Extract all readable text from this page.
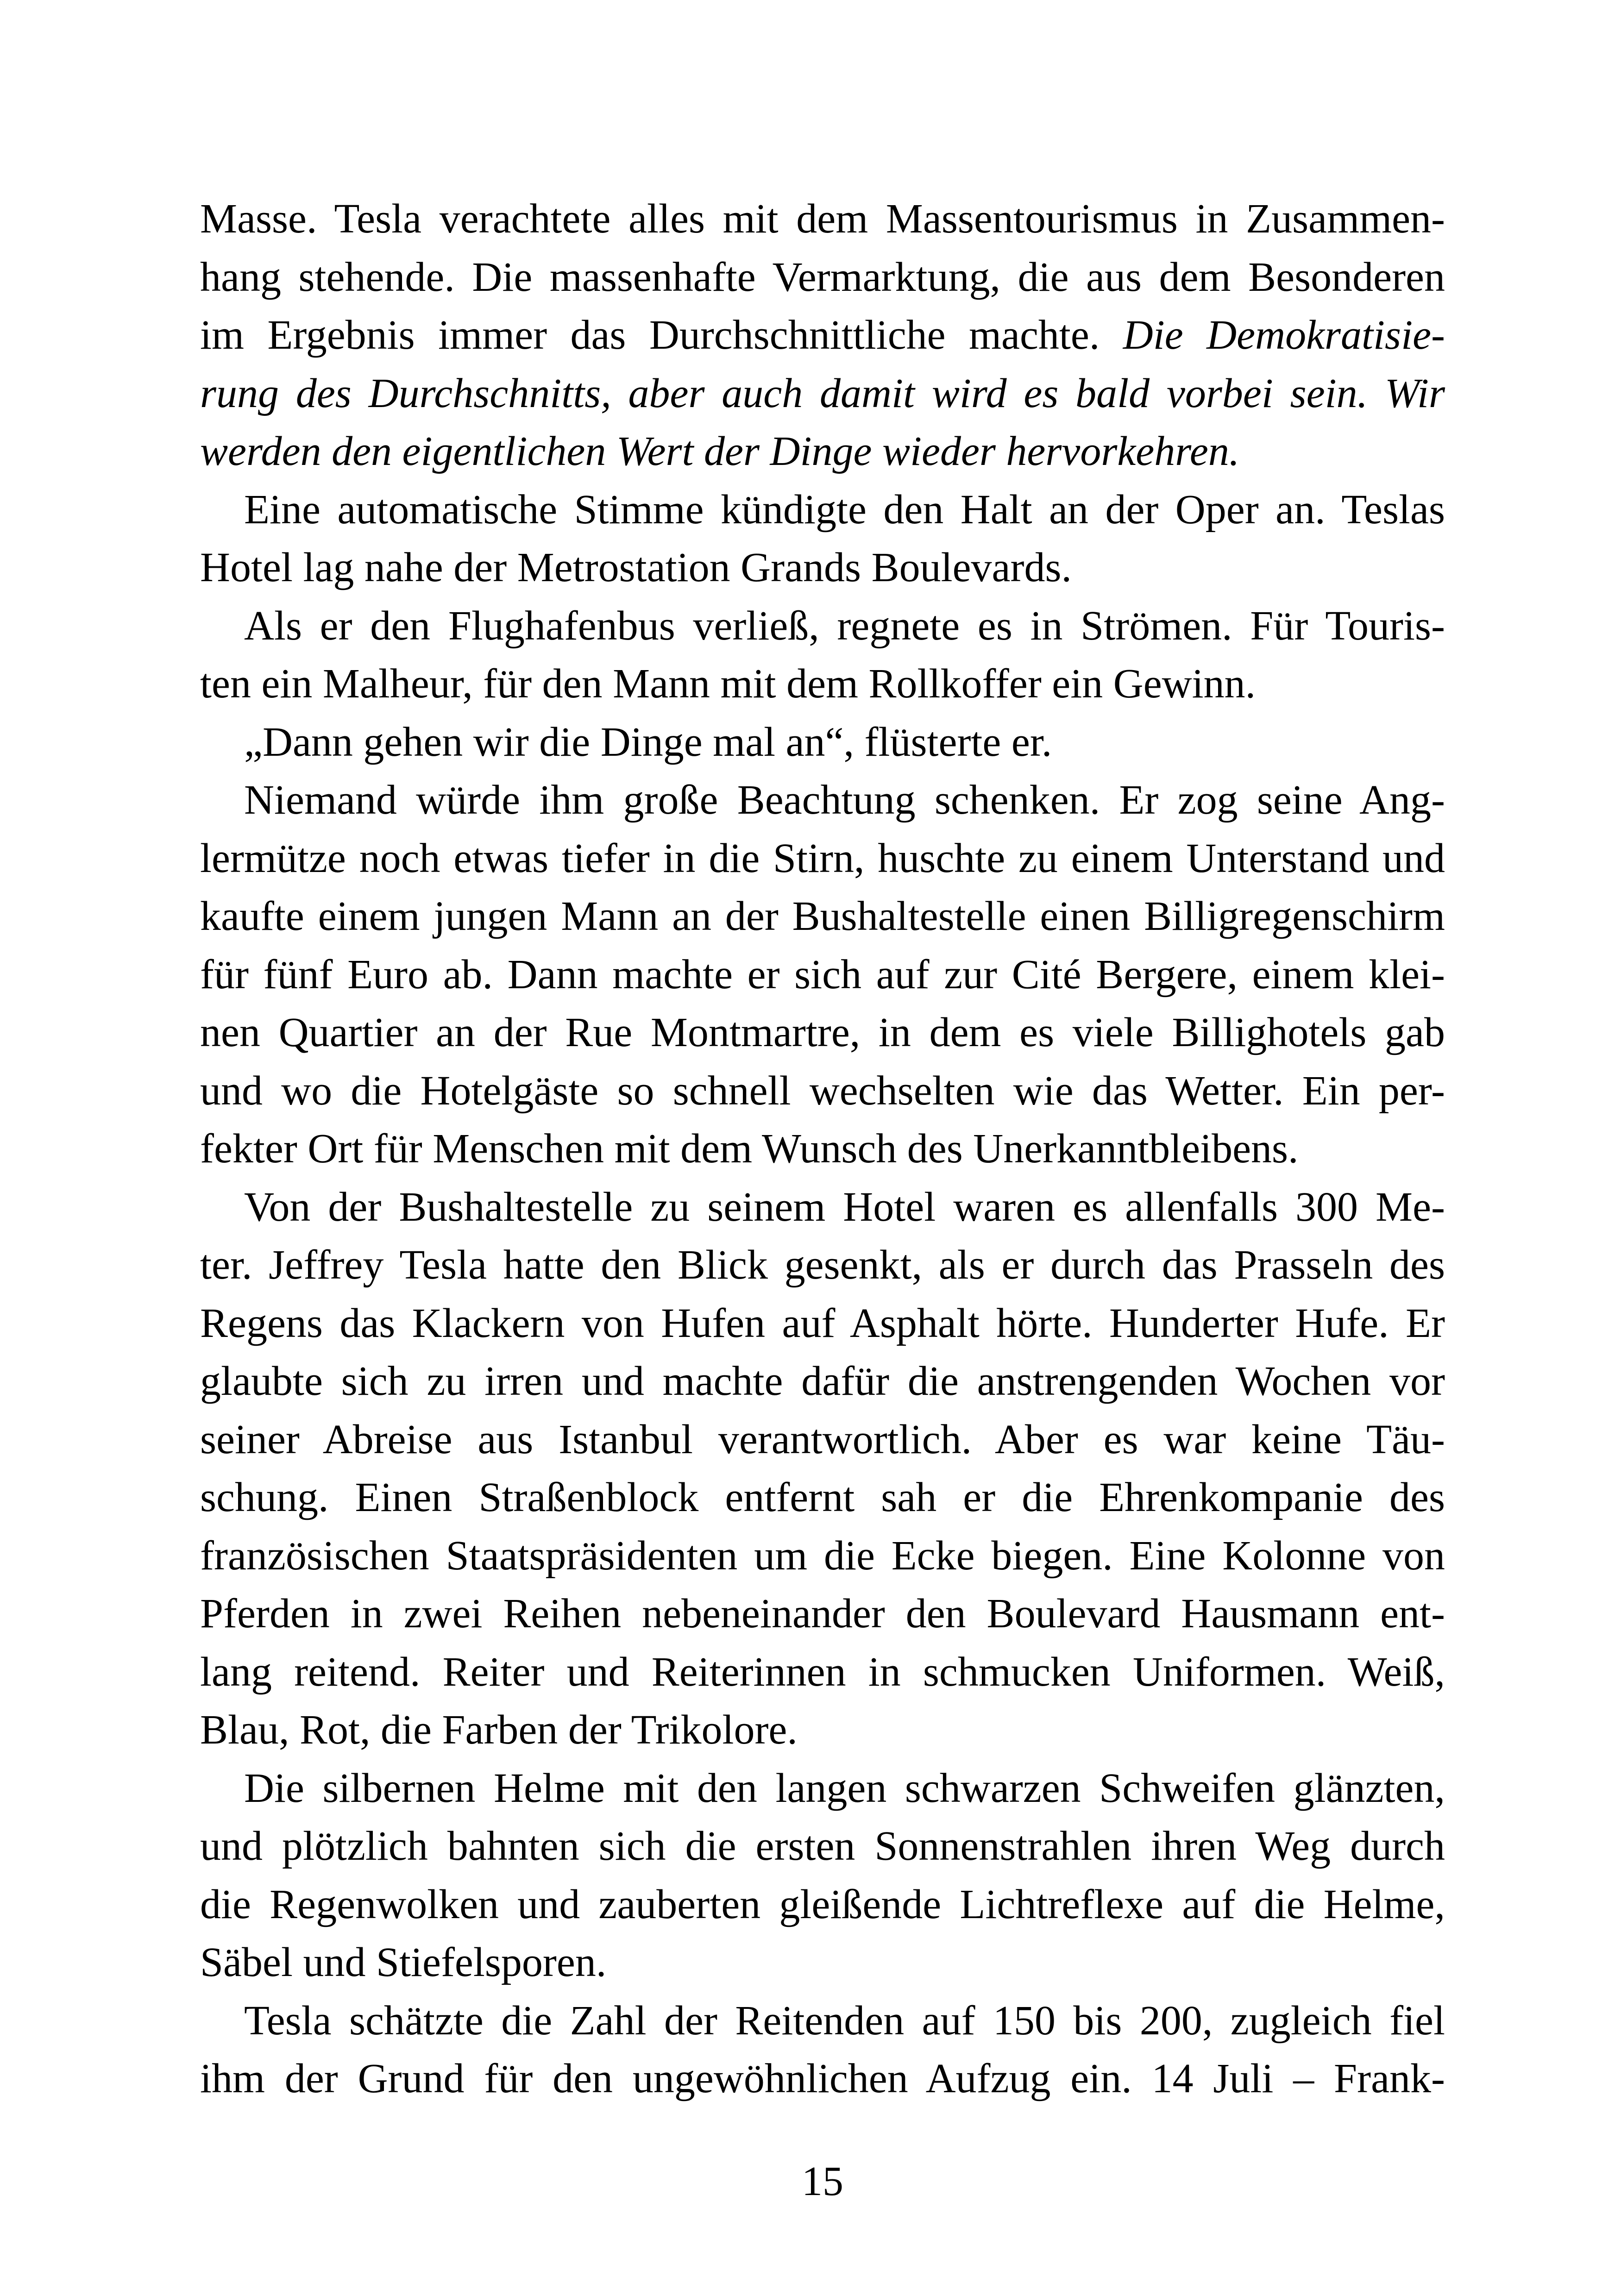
Masse. Tesla verachtete alles mit dem Massentourismus in Zusammen-
hang stehende. Die massenhafte Vermarktung, die aus dem Besonderen
im Ergebnis immer das Durchschnittliche machte. Die Demokratisie-
rung des Durchschnitts, aber auch damit wird es bald vorbei sein. Wir
werden den eigentlichen Wert der Dinge wieder hervorkehren.
Eine automatische Stimme kündigte den Halt an der Oper an. Teslas
Hotel lag nahe der Metrostation Grands Boulevards.
Als er den Flughafenbus verließ, regnete es in Strömen. Für Touris-
ten ein Malheur, für den Mann mit dem Rollkoffer ein Gewinn.
„Dann gehen wir die Dinge mal an“, flüsterte er.
Niemand würde ihm große Beachtung schenken. Er zog seine Ang-
lermütze noch etwas tiefer in die Stirn, huschte zu einem Unterstand und
kaufte einem jungen Mann an der Bushaltestelle einen Billigregenschirm
für fünf Euro ab. Dann machte er sich auf zur Cité Bergere, einem klei-
nen Quartier an der Rue Montmartre, in dem es viele Billighotels gab
und wo die Hotelgäste so schnell wechselten wie das Wetter. Ein per-
fekter Ort für Menschen mit dem Wunsch des Unerkanntbleibens.
Von der Bushaltestelle zu seinem Hotel waren es allenfalls 300 Me-
ter. Jeffrey Tesla hatte den Blick gesenkt, als er durch das Prasseln des
Regens das Klackern von Hufen auf Asphalt hörte. Hunderter Hufe. Er
glaubte sich zu irren und machte dafür die anstrengenden Wochen vor
seiner Abreise aus Istanbul verantwortlich. Aber es war keine Täu-
schung. Einen Straßenblock entfernt sah er die Ehrenkompanie des
französischen Staatspräsidenten um die Ecke biegen. Eine Kolonne von
Pferden in zwei Reihen nebeneinander den Boulevard Hausmann ent-
lang reitend. Reiter und Reiterinnen in schmucken Uniformen. Weiß,
Blau, Rot, die Farben der Trikolore.
Die silbernen Helme mit den langen schwarzen Schweifen glänzten,
und plötzlich bahnten sich die ersten Sonnenstrahlen ihren Weg durch
die Regenwolken und zauberten gleißende Lichtreflexe auf die Helme,
Säbel und Stiefelsporen.
Tesla schätzte die Zahl der Reitenden auf 150 bis 200, zugleich fiel
ihm der Grund für den ungewöhnlichen Aufzug ein. 14 Juli – Frank-
15
